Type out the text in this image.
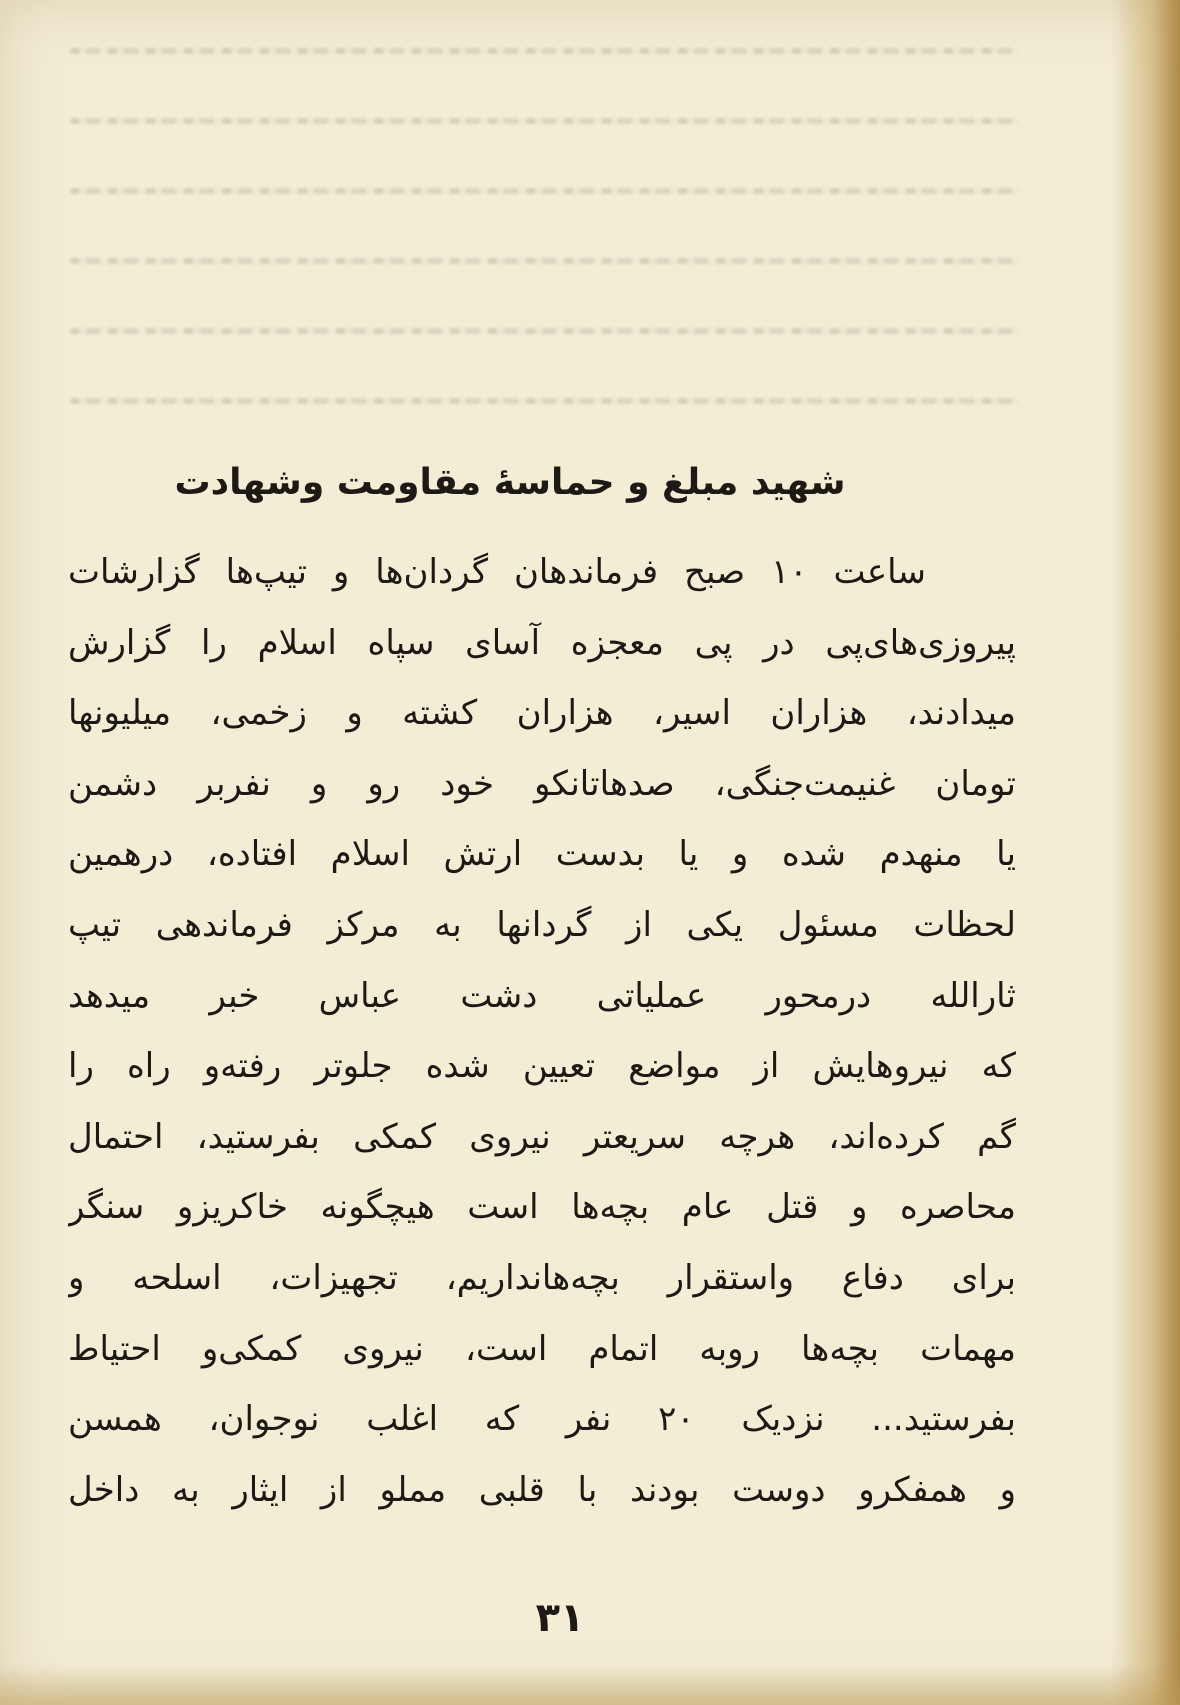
شهید مبلغ و حماسهٔ مقاومت وشهادت
ساعت ۱۰ صبح فرماندهان گردان‌ها و تیپ‌ها گزارشات
پیروزی‌های‌پی در پی معجزه آسای سپاه اسلام را گزارش
میدادند، هزاران اسیر، هزاران کشته و زخمی، میلیونها
تومان غنیمت‌جنگی، صدهاتانکو خود رو و نفربر دشمن
یا منهدم شده و یا بدست ارتش اسلام افتاده، درهمین
لحظات مسئول یکی از گردانها به مرکز فرماندهی تیپ
ثارالله درمحور عملیاتی دشت عباس خبر میدهد
که نیروهایش از مواضع تعیین شده جلوتر رفته‌و راه را
گم کرده‌اند، هرچه سریعتر نیروی کمکی بفرستید، احتمال
محاصره و قتل عام بچه‌ها است هیچگونه خاکریزو سنگر
برای دفاع واستقرار بچه‌هانداریم، تجهیزات، اسلحه و
مهمات بچه‌ها روبه اتمام است، نیروی کمکی‌و احتیاط
بفرستید... نزدیک ۲۰ نفر که اغلب نوجوان، همسن
و همفکرو دوست بودند با قلبی مملو از ایثار به داخل
۳۱
